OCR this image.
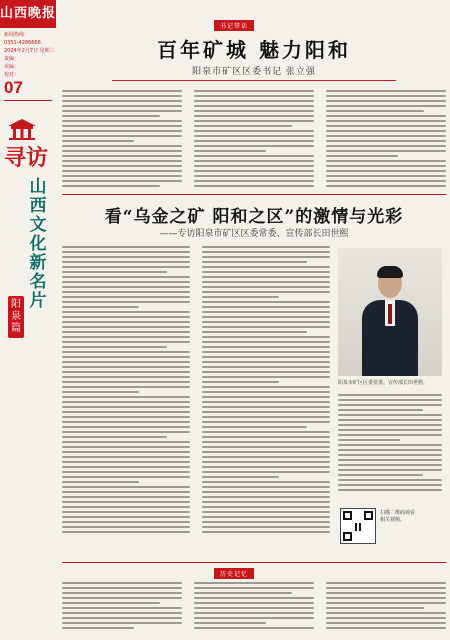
山西晚报
新闻热线：
0351-4286666
2024年2月7日 星期三
责编：
美编：
校对：
07
寻访
山西文化新名片
阳泉篇
书记带话
百年矿城 魅力阳和
阳泉市矿区区委书记 张立强
看“乌金之矿 阳和之区”的激情与光彩
——专访阳泉市矿区区委常委、宣传部长田世熙
阳泉市矿区区委常委、宣传部长田世熙。
扫描二维码观看
相关视频。
历史记忆
